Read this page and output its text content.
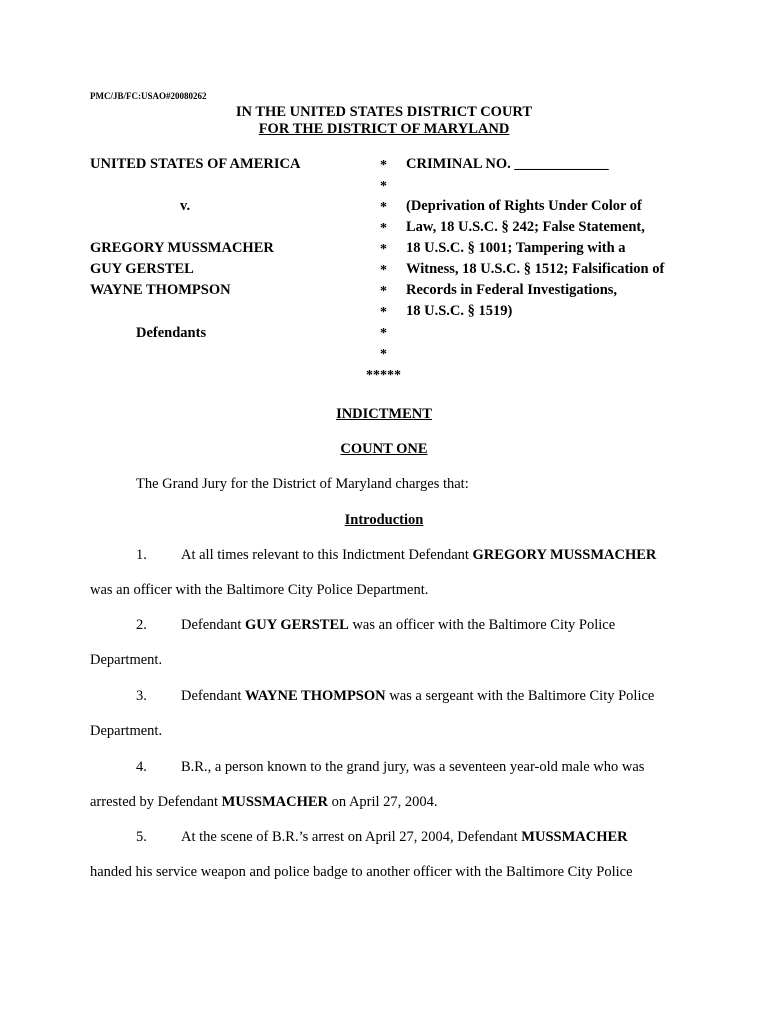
PMC/JB/FC:USAO#20080262
IN THE UNITED STATES DISTRICT COURT
FOR THE DISTRICT OF MARYLAND
UNITED STATES OF AMERICA
v.
GREGORY MUSSMACHER
GUY GERSTEL
WAYNE THOMPSON
Defendants
*
*
*
*
*
*
*
*
*
*
*****
CRIMINAL NO. _____________
(Deprivation of Rights Under Color of
Law, 18 U.S.C. § 242; False Statement,
18 U.S.C. § 1001; Tampering with a
Witness, 18 U.S.C. § 1512; Falsification of
Records in Federal Investigations,
18 U.S.C. § 1519)
INDICTMENT
COUNT ONE
The Grand Jury for the District of Maryland charges that:
Introduction
1. At all times relevant to this Indictment Defendant GREGORY MUSSMACHER
was an officer with the Baltimore City Police Department.
2. Defendant GUY GERSTEL was an officer with the Baltimore City Police
Department.
3. Defendant WAYNE THOMPSON was a sergeant with the Baltimore City Police
Department.
4. B.R., a person known to the grand jury, was a seventeen year-old male who was
arrested by Defendant MUSSMACHER on April 27, 2004.
5. At the scene of B.R.’s arrest on April 27, 2004, Defendant MUSSMACHER
handed his service weapon and police badge to another officer with the Baltimore City Police
